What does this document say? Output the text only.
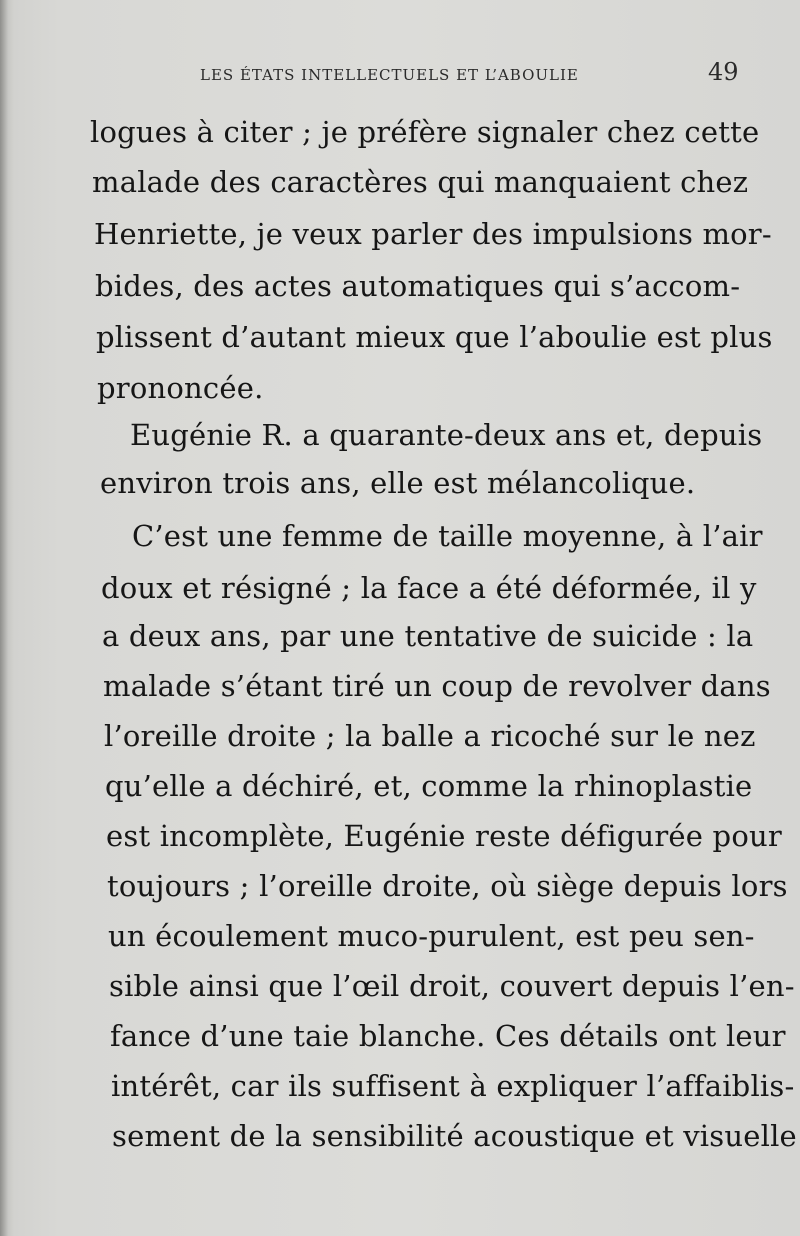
LES ÉTATS INTELLECTUELS ET L’ABOULIE	49
logues à citer ; je préfère signaler chez cette
malade des caractères qui manquaient chez
Henriette, je veux parler des impulsions mor-
bides, des actes automatiques qui s’accom-
plissent d’autant mieux que l’aboulie est plus
prononcée.
Eugénie R. a quarante-deux ans et, depuis
environ trois ans, elle est mélancolique.
C’est une femme de taille moyenne, à l’air
doux et résigné ; la face a été déformée, il y
a deux ans, par une tentative de suicide : la
malade s’étant tiré un coup de revolver dans
l’oreille droite ; la balle a ricoché sur le nez
qu’elle a déchiré, et, comme la rhinoplastie
est incomplète, Eugénie reste défigurée pour
toujours ; l’oreille droite, où siège depuis lors
un écoulement muco-purulent, est peu sen-
sible ainsi que l’œil droit, couvert depuis l’en-
fance d’une taie blanche. Ces détails ont leur
intérêt, car ils suffisent à expliquer l’affaiblis-
sement de la sensibilité acoustique et visuelle
